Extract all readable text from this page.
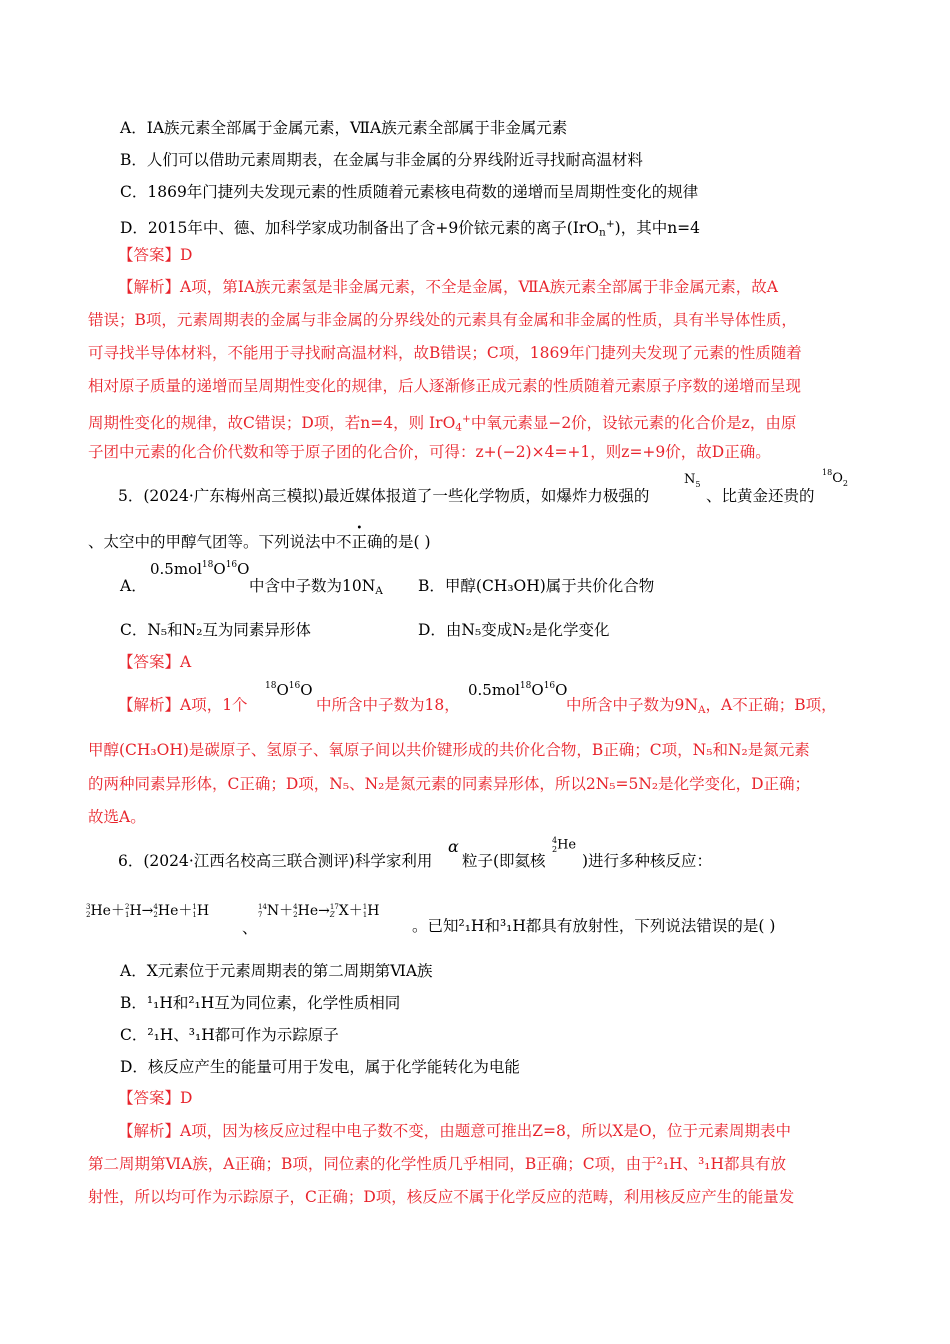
A．ⅠA族元素全部属于金属元素，ⅦA族元素全部属于非金属元素
B．人们可以借助元素周期表，在金属与非金属的分界线附近寻找耐高温材料
C．1869年门捷列夫发现元素的性质随着元素核电荷数的递增而呈周期性变化的规律
D．2015年中、德、加科学家成功制备出了含+9价铱元素的离子(IrO$_n$+)，其中n=4
【答案】D
【解析】A项，第IA族元素氢是非金属元素，不全是金属，ⅦA族元素全部属于非金属元素，故A
错误；B项，元素周期表的金属与非金属的分界线处的元素具有金属和非金属的性质，具有半导体性质，
可寻找半导体材料，不能用于寻找耐高温材料，故B错误；C项，1869年门捷列夫发现了元素的性质随着
相对原子质量的递增而呈周期性变化的规律，后人逐渐修正成元素的性质随着元素原子序数的递增而呈现
周期性变化的规律，故C错误；D项，若n=4，则 IrO$_4$+中氧元素显−2价，设铱元素的化合价是z，由原
子团中元素的化合价代数和等于原子团的化合价，可得：z+(−2)×4=+1，则z=+9价，故D正确。
5．(2024·广东梅州高三模拟)最近媒体报道了一些化学物质，如爆炸力极强的
$N_5$
、比黄金还贵的
$^{18}O_2$
、太空中的甲醇气团等。下列说法中不正确的是( )
A．
$0.5mol^{18}O^{16}O$
中含中子数为$10N_A$ B．甲醇(CH₃OH)属于共价化合物
C．N₅和N₂互为同素异形体	D．由N₅变成N₂是化学变化
【答案】A
【解析】A项，1个
$^{18}O^{16}O$
中所含中子数为18，
$0.5mol^{18}O^{16}O$
中所含中子数为$9N_A$，A不正确；B项，
甲醇(CH₃OH)是碳原子、氢原子、氧原子间以共价键形成的共价化合物，B正确；C项，N₅和N₂是氮元素
的两种同素异形体，C正确；D项，N₅、N₂是氮元素的同素异形体，所以2N₅=5N₂是化学变化，D正确；
故选A。
6．(2024·江西名校高三联合测评)科学家利用
α
粒子(即氦核
4
2He
)进行多种核反应：
3
2He＋2
1H→4
2He＋1
1H
、
14
7 N＋4
2He→17
Z X＋1
1H
。已知²₁H和³₁H都具有放射性，下列说法错误的是( )
A．X元素位于元素周期表的第二周期第ⅥA族
B．¹₁H和²₁H互为同位素，化学性质相同
C．²₁H、³₁H都可作为示踪原子
D．核反应产生的能量可用于发电，属于化学能转化为电能
【答案】D
【解析】A项，因为核反应过程中电子数不变，由题意可推出Z=8，所以X是O，位于元素周期表中
第二周期第ⅥA族，A正确；B项，同位素的化学性质几乎相同，B正确；C项，由于²₁H、³₁H都具有放
射性，所以均可作为示踪原子，C正确；D项，核反应不属于化学反应的范畴，利用核反应产生的能量发
